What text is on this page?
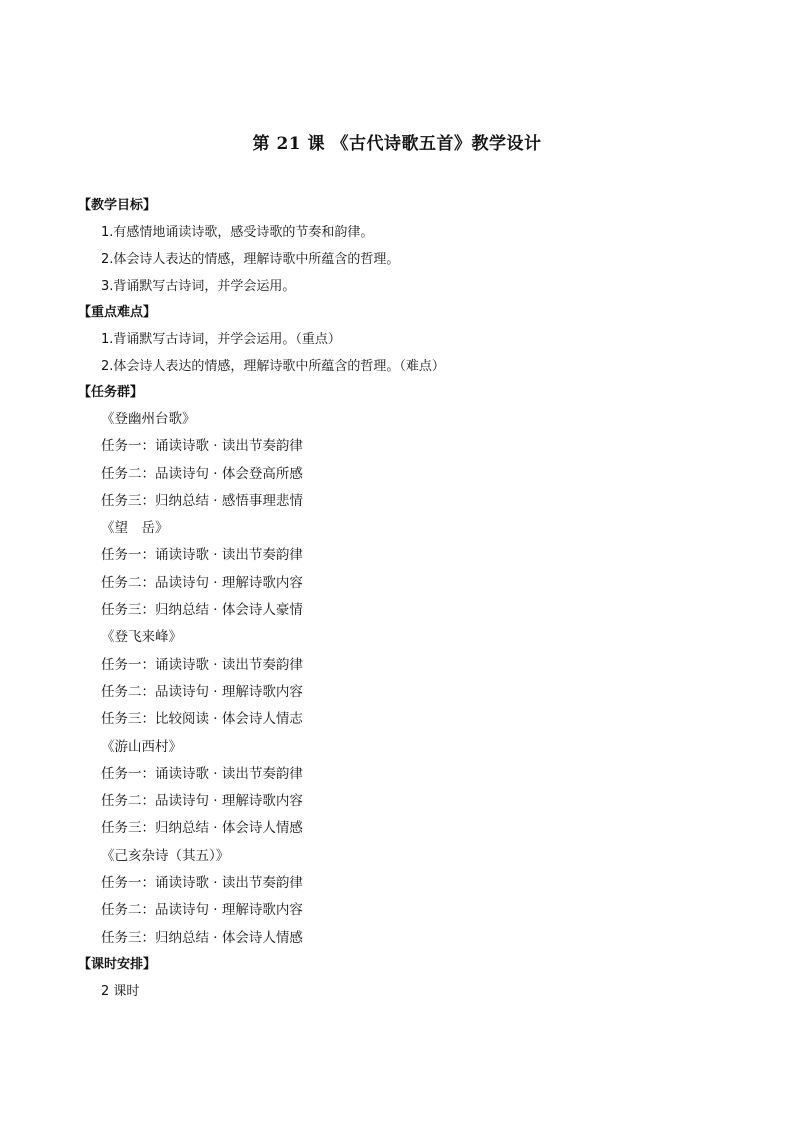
第 21 课 《古代诗歌五首》教学设计
【教学目标】
1.有感情地诵读诗歌，感受诗歌的节奏和韵律。
2.体会诗人表达的情感，理解诗歌中所蕴含的哲理。
3.背诵默写古诗词，并学会运用。
【重点难点】
1.背诵默写古诗词，并学会运用。（重点）
2.体会诗人表达的情感，理解诗歌中所蕴含的哲理。（难点）
【任务群】
《登幽州台歌》
任务一：诵读诗歌 · 读出节奏韵律
任务二：品读诗句 · 体会登高所感
任务三：归纳总结 · 感悟事理悲情
《望　岳》
任务一：诵读诗歌 · 读出节奏韵律
任务二：品读诗句 · 理解诗歌内容
任务三：归纳总结 · 体会诗人豪情
《登飞来峰》
任务一：诵读诗歌 · 读出节奏韵律
任务二：品读诗句 · 理解诗歌内容
任务三：比较阅读 · 体会诗人情志
《游山西村》
任务一：诵读诗歌 · 读出节奏韵律
任务二：品读诗句 · 理解诗歌内容
任务三：归纳总结 · 体会诗人情感
《己亥杂诗（其五）》
任务一：诵读诗歌 · 读出节奏韵律
任务二：品读诗句 · 理解诗歌内容
任务三：归纳总结 · 体会诗人情感
【课时安排】
2 课时
